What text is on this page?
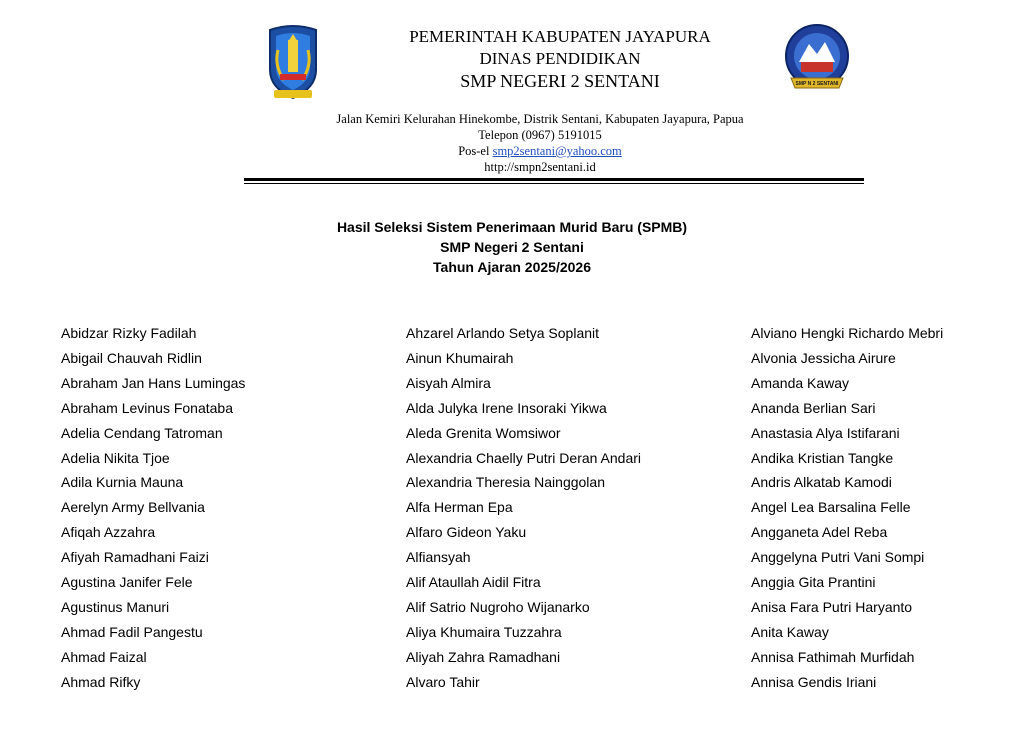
SMP N 2 SENTANI
PEMERINTAH KABUPATEN JAYAPURA
DINAS PENDIDIKAN
SMP NEGERI 2 SENTANI
Jalan Kemiri Kelurahan Hinekombe, Distrik Sentani, Kabupaten Jayapura, Papua
Telepon (0967) 5191015
Pos-el smp2sentani@yahoo.com
http://smpn2sentani.id
Hasil Seleksi Sistem Penerimaan Murid Baru (SPMB)
SMP Negeri 2 Sentani
Tahun Ajaran 2025/2026
Abidzar Rizky Fadilah
Abigail Chauvah Ridlin
Abraham Jan Hans Lumingas
Abraham Levinus Fonataba
Adelia Cendang Tatroman
Adelia Nikita Tjoe
Adila Kurnia Mauna
Aerelyn Army Bellvania
Afiqah Azzahra
Afiyah Ramadhani Faizi
Agustina Janifer Fele
Agustinus Manuri
Ahmad Fadil Pangestu
Ahmad Faizal
Ahmad Rifky
Ahzarel Arlando Setya Soplanit
Ainun Khumairah
Aisyah Almira
Alda Julyka Irene Insoraki Yikwa
Aleda Grenita Womsiwor
Alexandria Chaelly Putri Deran Andari
Alexandria Theresia Nainggolan
Alfa Herman Epa
Alfaro Gideon Yaku
Alfiansyah
Alif Ataullah Aidil Fitra
Alif Satrio Nugroho Wijanarko
Aliya Khumaira Tuzzahra
Aliyah Zahra Ramadhani
Alvaro Tahir
Alviano Hengki Richardo Mebri
Alvonia Jessicha Airure
Amanda Kaway
Ananda Berlian Sari
Anastasia Alya Istifarani
Andika Kristian Tangke
Andris Alkatab Kamodi
Angel Lea Barsalina Felle
Angganeta Adel Reba
Anggelyna Putri Vani Sompi
Anggia Gita Prantini
Anisa Fara Putri Haryanto
Anita Kaway
Annisa Fathimah Murfidah
Annisa Gendis Iriani
